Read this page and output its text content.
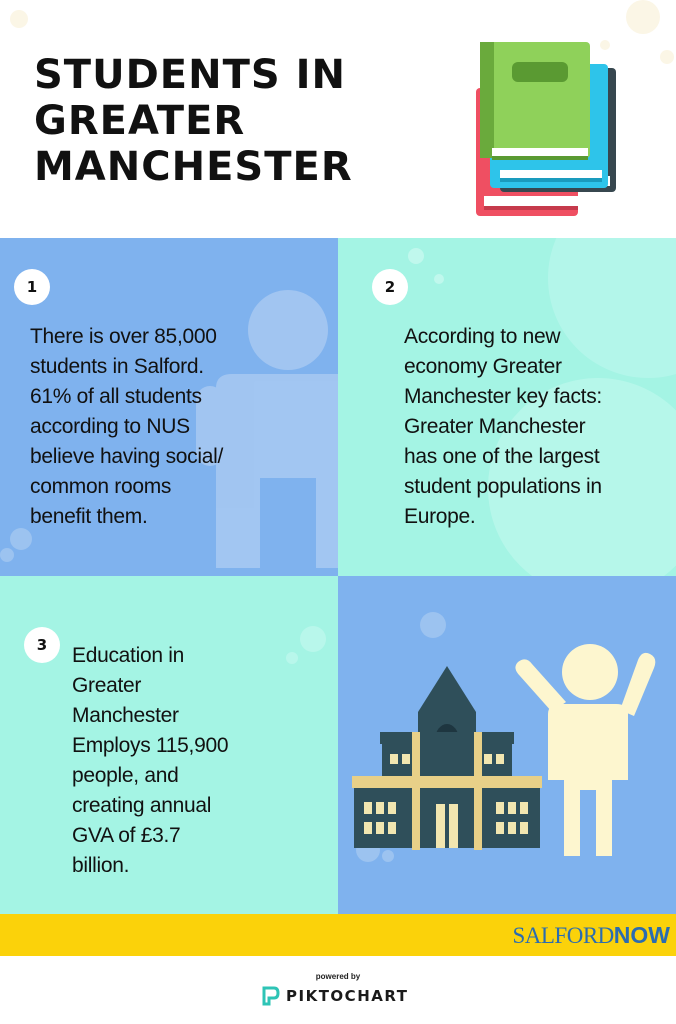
STUDENTS IN
GREATER
MANCHESTER
1
There is over 85,000
students in Salford.
61% of all students
according to NUS
believe having social/
common rooms
benefit them.
2
According to new
economy Greater
Manchester key facts:
Greater Manchester
has one of the largest
student populations in
Europe.
3	Education in
Greater
Manchester
Employs 115,900
people, and
creating annual
GVA of £3.7
billion.
SALFORDNOW
powered by
PIKTOCHART
